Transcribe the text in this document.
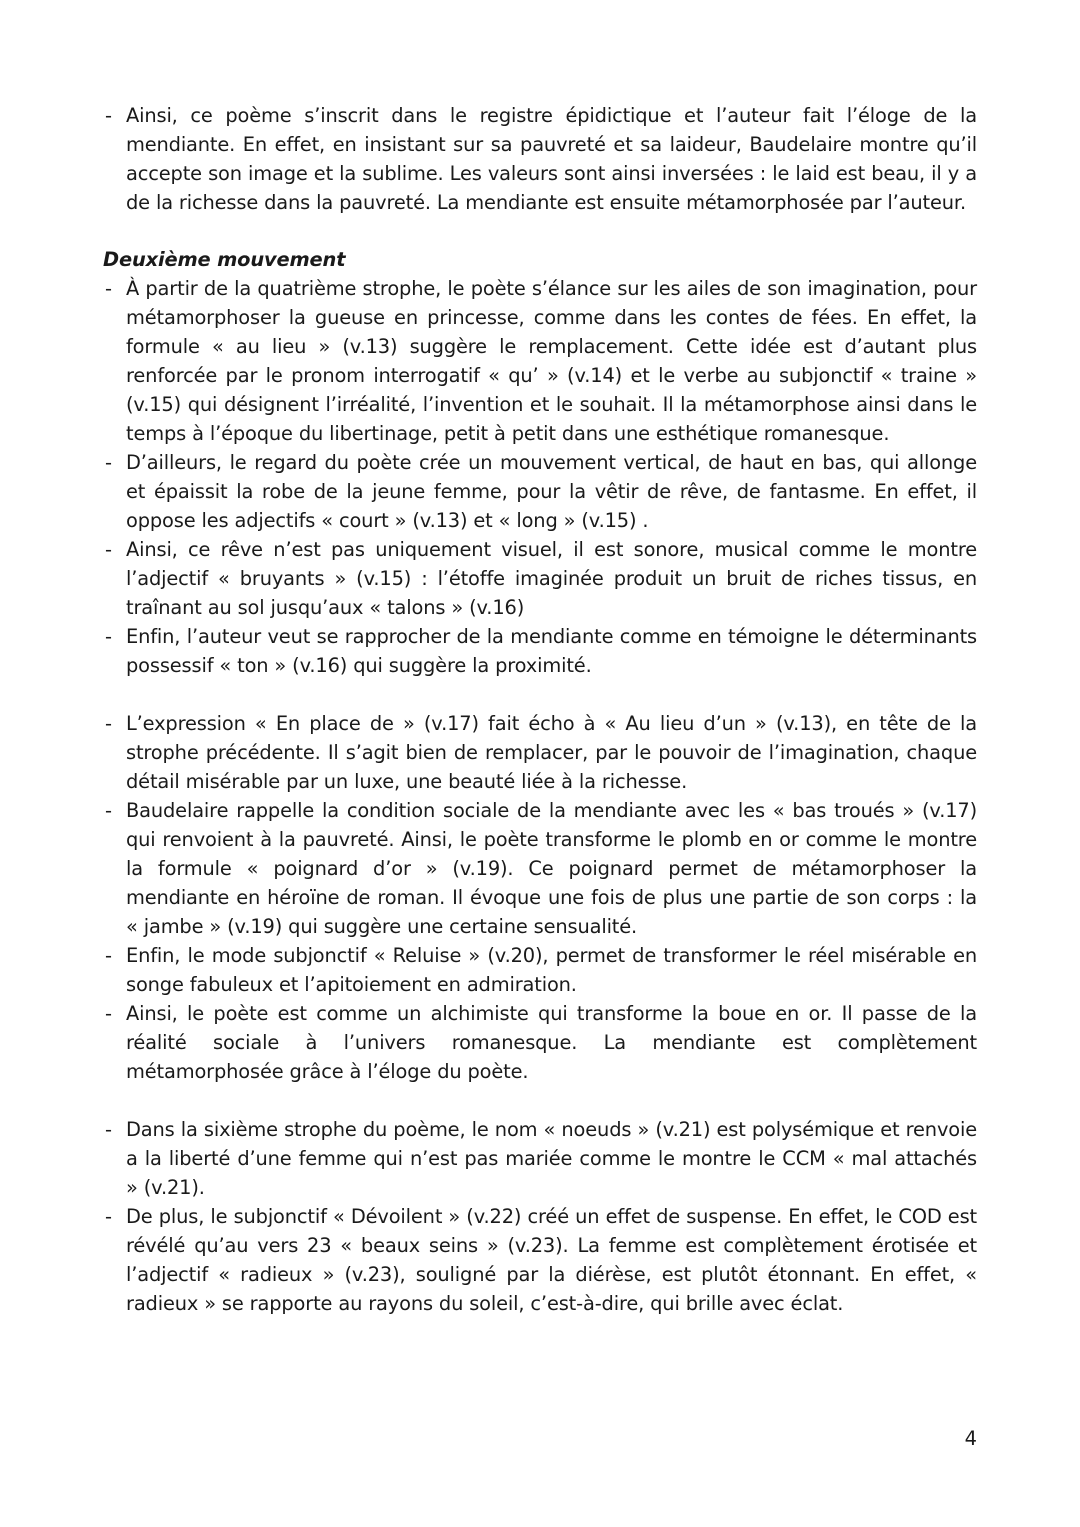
- Ainsi, ce poème s’inscrit dans le registre épidictique et l’auteur fait l’éloge de la mendiante. En effet, en insistant sur sa pauvreté et sa laideur, Baudelaire montre qu’il accepte son image et la sublime. Les valeurs sont ainsi inversées : le laid est beau, il y a de la richesse dans la pauvreté. La mendiante est ensuite métamorphosée par l’auteur.

Deuxième mouvement

- À partir de la quatrième strophe, le poète s’élance sur les ailes de son imagination, pour métamorphoser la gueuse en princesse, comme dans les contes de fées. En effet, la formule « au lieu » (v.13) suggère le remplacement. Cette idée est d’autant plus renforcée par le pronom interrogatif « qu’ » (v.14) et le verbe au subjonctif « traine » (v.15) qui désignent l’irréalité, l’invention et le souhait. Il la métamorphose ainsi dans le temps à l’époque du libertinage, petit à petit dans une esthétique romanesque.
- D’ailleurs, le regard du poète crée un mouvement vertical, de haut en bas, qui allonge et épaissit la robe de la jeune femme, pour la vêtir de rêve, de fantasme. En effet, il oppose les adjectifs « court » (v.13) et « long » (v.15) .
- Ainsi, ce rêve n’est pas uniquement visuel, il est sonore, musical comme le montre l’adjectif « bruyants » (v.15) : l’étoffe imaginée produit un bruit de riches tissus, en traînant au sol jusqu’aux « talons » (v.16)
- Enfin, l’auteur veut se rapprocher de la mendiante comme en témoigne le déterminants possessif « ton » (v.16) qui suggère la proximité.
- L’expression « En place de » (v.17) fait écho à « Au lieu d’un » (v.13), en tête de la strophe précédente. Il s’agit bien de remplacer, par le pouvoir de l’imagination, chaque détail misérable par un luxe, une beauté liée à la richesse.
- Baudelaire rappelle la condition sociale de la mendiante avec les « bas troués » (v.17) qui renvoient à la pauvreté. Ainsi, le poète transforme le plomb en or comme le montre la formule « poignard d’or » (v.19). Ce poignard permet de métamorphoser la mendiante en héroïne de roman. Il évoque une fois de plus une partie de son corps : la « jambe » (v.19) qui suggère une certaine sensualité.
- Enfin, le mode subjonctif « Reluise » (v.20), permet de transformer le réel misérable en songe fabuleux et l’apitoiement en admiration.
- Ainsi, le poète est comme un alchimiste qui transforme la boue en or. Il passe de la réalité sociale à l’univers romanesque. La mendiante est complètement métamorphosée grâce à l’éloge du poète.
- Dans la sixième strophe du poème, le nom « noeuds » (v.21) est polysémique et renvoie a la liberté d’une femme qui n’est pas mariée comme le montre le CCM « mal attachés » (v.21).
- De plus, le subjonctif « Dévoilent » (v.22) créé un effet de suspense. En effet, le COD est révélé qu’au vers 23 « beaux seins » (v.23). La femme est complètement érotisée et l’adjectif « radieux » (v.23), souligné par la diérèse, est plutôt étonnant. En effet, « radieux » se rapporte au rayons du soleil, c’est-à-dire, qui brille avec éclat.
4
